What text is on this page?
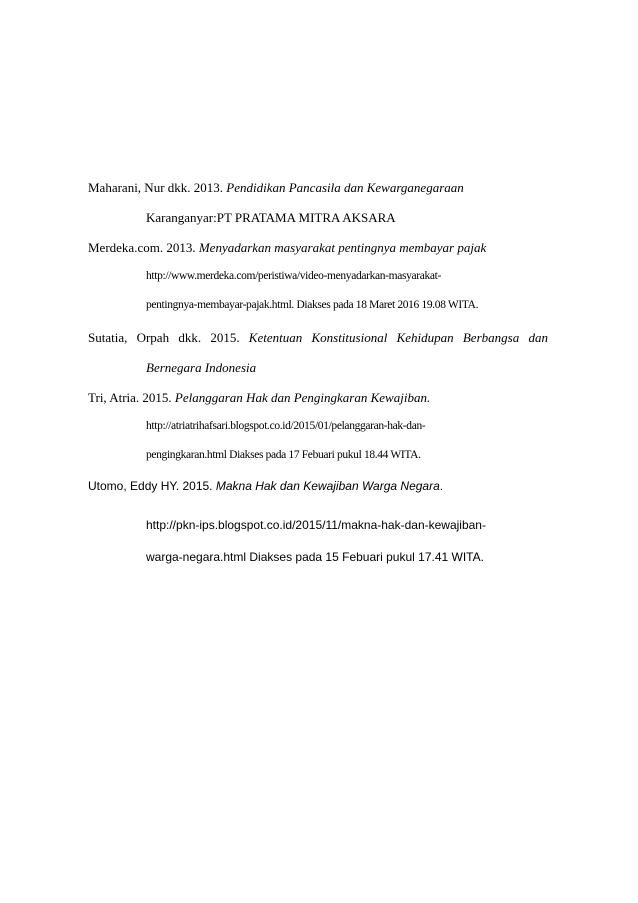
Maharani, Nur dkk. 2013. Pendidikan Pancasila dan Kewarganegaraan
Karanganyar:PT PRATAMA MITRA AKSARA
Merdeka.com. 2013. Menyadarkan masyarakat pentingnya membayar pajak
http://www.merdeka.com/peristiwa/video-menyadarkan-masyarakat-
pentingnya-membayar-pajak.html. Diakses pada 18 Maret 2016 19.08 WITA.
Sutatia, Orpah dkk. 2015. Ketentuan Konstitusional Kehidupan Berbangsa dan
Bernegara Indonesia
Tri, Atria. 2015. Pelanggaran Hak dan Pengingkaran Kewajiban.
http://atriatrihafsari.blogspot.co.id/2015/01/pelanggaran-hak-dan-
pengingkaran.html Diakses pada 17 Febuari pukul 18.44 WITA.
Utomo, Eddy HY. 2015. Makna Hak dan Kewajiban Warga Negara.
http://pkn-ips.blogspot.co.id/2015/11/makna-hak-dan-kewajiban-
warga-negara.html Diakses pada 15 Febuari pukul 17.41 WITA.
